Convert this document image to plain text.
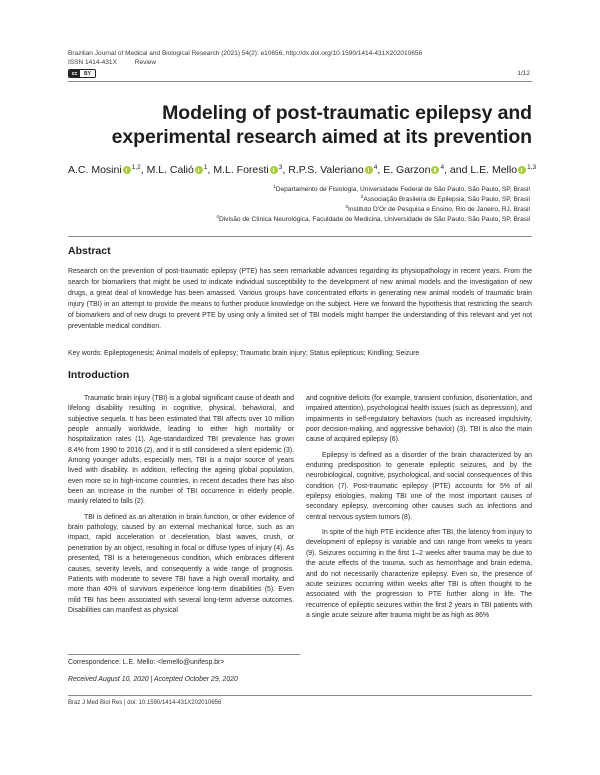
Brazilian Journal of Medical and Biological Research (2021) 54(2): e10656, http://dx.doi.org/10.1590/1414-431X202010656
ISSN 1414-431X	Review
cc	BY	1/12
Modeling of post-traumatic epilepsy and experimental research aimed at its prevention
A.C. Mosini $^{1,2}$, M.L. Calió $^1$, M.L. Foresti $^3$, R.P.S. Valeriano $^4$, E. Garzon $^4$, and L.E. Mello $^{1,3}$
$^1$Departamento de Fisiologia, Universidade Federal de São Paulo, São Paulo, SP, Brasil
$^2$Associação Brasileira de Epilepsia, São Paulo, SP, Brasil
$^3$Instituto D'Or de Pesquisa e Ensino, Rio de Janeiro, RJ, Brasil
$^4$Divisão de Clínica Neurológica, Faculdade de Medicina, Universidade de São Paulo, São Paulo, SP, Brasil
Abstract

Research on the prevention of post-traumatic epilepsy (PTE) has seen remarkable advances regarding its physiopathology in recent years. From the search for biomarkers that might be used to indicate individual susceptibility to the development of new animal models and the investigation of new drugs, a great deal of knowledge has been amassed. Various groups have concentrated efforts in generating new animal models of traumatic brain injury (TBI) in an attempt to provide the means to further produce knowledge on the subject. Here we forward the hypothesis that restricting the search of biomarkers and of new drugs to prevent PTE by using only a limited set of TBI models might hamper the understanding of this relevant and yet not preventable medical condition.

Key words: Epileptogenesis; Animal models of epilepsy; Traumatic brain injury; Status epilepticus; Kindling; Seizure

Introduction

Traumatic brain injury (TBI) is a global significant cause of death and lifelong disability resulting in cognitive, physical, behavioral, and subjective sequela. It has been estimated that TBI affects over 10 million people annually worldwide, leading to either high mortality or hospitalization rates (1). Age-standardized TBI prevalence has grown 8.4% from 1990 to 2016 (2), and it is still considered a silent epidemic (3). Among younger adults, especially men, TBI is a major source of years lived with disability. In addition, reflecting the ageing global population, even more so in high-income countries, in recent decades there has also been an increase in the number of TBI occurrence in elderly people, mainly related to falls (2).

TBI is defined as an alteration in brain function, or other evidence of brain pathology, caused by an external mechanical force, such as an impact, rapid acceleration or deceleration, blast waves, crush, or penetration by an object, resulting in focal or diffuse types of injury (4). As presented, TBI is a heterogeneous condition, which embraces different causes, severity levels, and consequently a wide range of prognosis. Patients with moderate to severe TBI have a high overall mortality, and more than 40% of survivors experience long-term disabilities (5). Even mild TBI has been associated with several long-term adverse outcomes. Disabilities can manifest as physical

and cognitive deficits (for example, transient confusion, disorientation, and impaired attention), psychological health issues (such as depression), and impairments in self-regulatory behaviors (such as increased impulsivity, poor decision-making, and aggressive behavior) (3). TBI is also the main cause of acquired epilepsy (6).

Epilepsy is defined as a disorder of the brain characterized by an enduring predisposition to generate epileptic seizures, and by the neurobiological, cognitive, psychological, and social consequences of this condition (7). Post-traumatic epilepsy (PTE) accounts for 5% of all epilepsy etiologies, making TBI one of the most important causes of secondary epilepsy, overcoming other causes such as infections and central nervous system tumors (8).

In spite of the high PTE incidence after TBI, the latency from injury to development of epilepsy is variable and can range from weeks to years (9). Seizures occurring in the first 1–2 weeks after trauma may be due to the acute effects of the trauma, such as hemorrhage and brain edema, and do not necessarily characterize epilepsy. Even so, the presence of acute seizures occurring within weeks after TBI is often thought to be associated with the progression to PTE further along in life. The recurrence of epileptic seizures within the first 2 years in TBI patients with a single acute seizure after trauma might be as high as 86%

Correspondence: L.E. Mello: <lemello@unifesp.br>
Received August 10, 2020 | Accepted October 29, 2020
Braz J Med Biol Res | doi: 10.1590/1414-431X202010656
